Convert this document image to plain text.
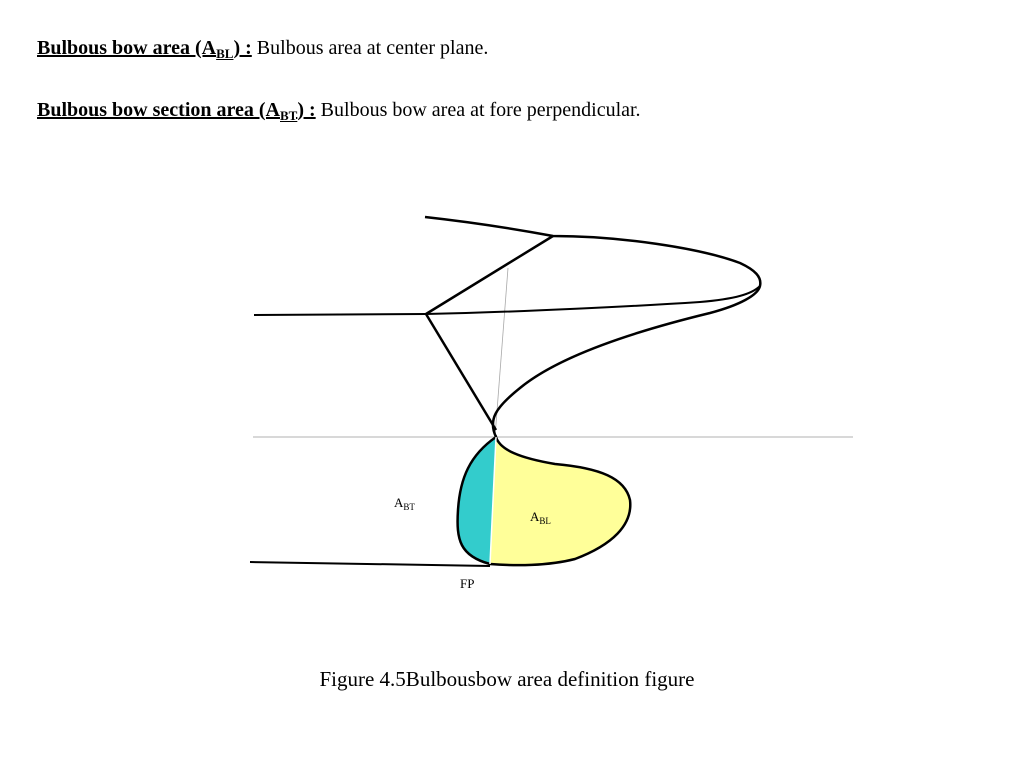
Bulbous bow area $(A_{BL})$ : Bulbous area at center plane.
Bulbous bow section area $(A_{BT})$ : Bulbous bow area at fore perpendicular.
$A_{BT}$
$A_{BL}$
FP
Figure 4.5Bulbousbow area definition figure
